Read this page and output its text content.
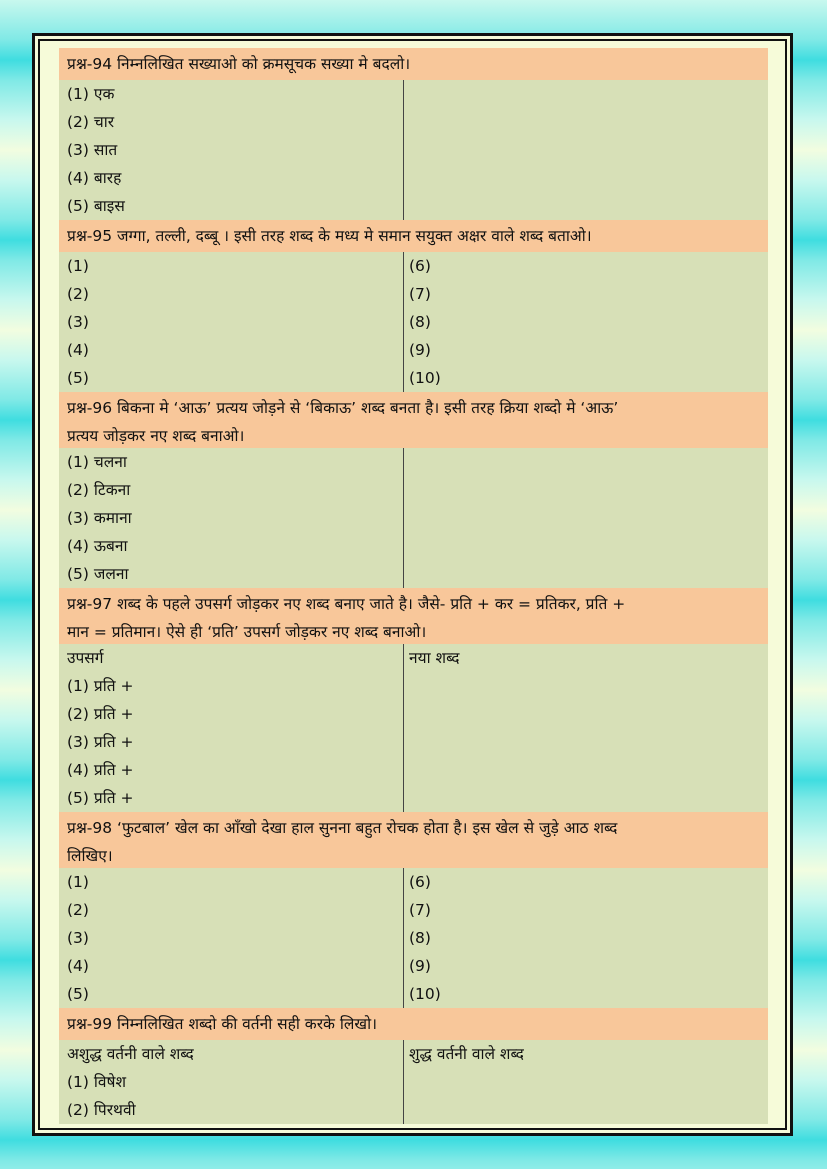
प्रश्न-94 निम्नलिखित सख्याओ को क्रमसूचक सख्या मे बदलो।
(1) एक
(2) चार
(3) सात
(4) बारह
(5) बाइस
प्रश्न-95 जग्गा, तल्ली, दब्बू । इसी तरह शब्द के मध्य मे समान सयुक्त अक्षर वाले शब्द बताओ।
(1)	(6)
(2)	(7)
(3)	(8)
(4)	(9)
(5)	(10)
प्रश्न-96 बिकना मे ‘आऊ’ प्रत्यय जोड़ने से ‘बिकाऊ’ शब्द बनता है। इसी तरह क्रिया शब्दो मे ‘आऊ’
प्रत्यय जोड़कर नए शब्द बनाओ।
(1) चलना
(2) टिकना
(3) कमाना
(4) ऊबना
(5) जलना
प्रश्न-97 शब्द के पहले उपसर्ग जोड़कर नए शब्द बनाए जाते है। जैसे- प्रति + कर = प्रतिकर, प्रति +
मान = प्रतिमान। ऐसे ही ‘प्रति’ उपसर्ग जोड़कर नए शब्द बनाओ।
उपसर्ग	नया शब्द
(1) प्रति +
(2) प्रति +
(3) प्रति +
(4) प्रति +
(5) प्रति +
प्रश्न-98 ‘फुटबाल’ खेल का आँखो देखा हाल सुनना बहुत रोचक होता है। इस खेल से जुड़े आठ शब्द
लिखिए।
(1)	(6)
(2)	(7)
(3)	(8)
(4)	(9)
(5)	(10)
प्रश्न-99 निम्नलिखित शब्दो की वर्तनी सही करके लिखो।
अशुद्ध वर्तनी वाले शब्द	शुद्ध वर्तनी वाले शब्द
(1) विषेश
(2) पिरथवी
